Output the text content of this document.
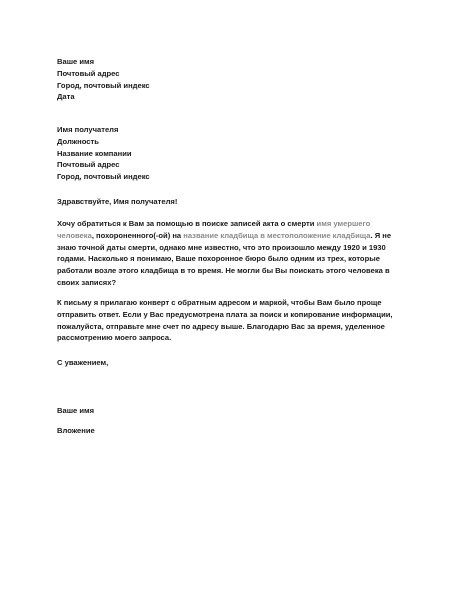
Ваше имя
Почтовый адрес
Город, почтовый индекс
Дата
Имя получателя
Должность
Название компании
Почтовый адрес
Город, почтовый индекс
Здравствуйте, Имя получателя!
Хочу обратиться к Вам за помощью в поиске записей акта о смерти имя умершего
человека, похороненного(-ой) на название кладбища в местоположение кладбища. Я не
знаю точной даты смерти, однако мне известно, что это произошло между 1920 и 1930
годами. Насколько я понимаю, Ваше похоронное бюро было одним из трех, которые
работали возле этого кладбища в то время. Не могли бы Вы поискать этого человека в
своих записях?
К письму я прилагаю конверт с обратным адресом и маркой, чтобы Вам было проще
отправить ответ. Если у Вас предусмотрена плата за поиск и копирование информации,
пожалуйста, отправьте мне счет по адресу выше. Благодарю Вас за время, уделенное
рассмотрению моего запроса.
С уважением,
Ваше имя
Вложение
